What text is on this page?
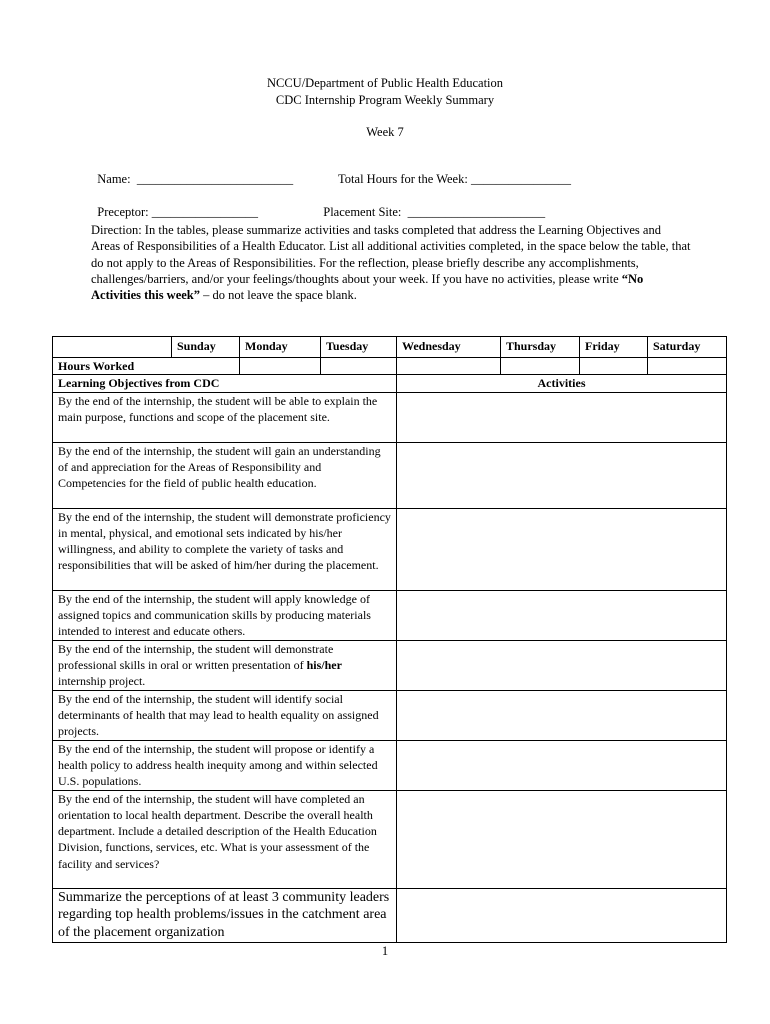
NCCU/Department of Public Health Education
CDC Internship Program Weekly Summary
Week 7

Name: _________________________	Total Hours for the Week: ________________

Preceptor: _________________	Placement Site: ______________________

Direction: In the tables, please summarize activities and tasks completed that address the Learning Objectives and Areas of Responsibilities of a Health Educator. List all additional activities completed, in the space below the table, that do not apply to the Areas of Responsibilities. For the reflection, please briefly describe any accomplishments, challenges/barriers, and/or your feelings/thoughts about your week. If you have no activities, please write “No Activities this week” – do not leave the space blank.
	Sunday	Monday	Tuesday	Wednesday	Thursday	Friday	Saturday
Hours Worked							
Learning Objectives from CDC				Activities			
By the end of the internship, the student will be able to explain the main purpose, functions and scope of the placement site.							
By the end of the internship, the student will gain an understanding of and appreciation for the Areas of Responsibility and Competencies for the field of public health education.							
By the end of the internship, the student will demonstrate proficiency in mental, physical, and emotional sets indicated by his/her willingness, and ability to complete the variety of tasks and responsibilities that will be asked of him/her during the placement.							
By the end of the internship, the student will apply knowledge of assigned topics and communication skills by producing materials intended to interest and educate others.							
By the end of the internship, the student will demonstrate professional skills in oral or written presentation of his/her internship project.							
By the end of the internship, the student will identify social determinants of health that may lead to health equality on assigned projects.							
By the end of the internship, the student will propose or identify a health policy to address health inequity among and within selected U.S. populations.							
By the end of the internship, the student will have completed an orientation to local health department. Describe the overall health department. Include a detailed description of the Health Education Division, functions, services, etc. What is your assessment of the facility and services?							
Summarize the perceptions of at least 3 community leaders regarding top health problems/issues in the catchment area of the placement organization							
1
